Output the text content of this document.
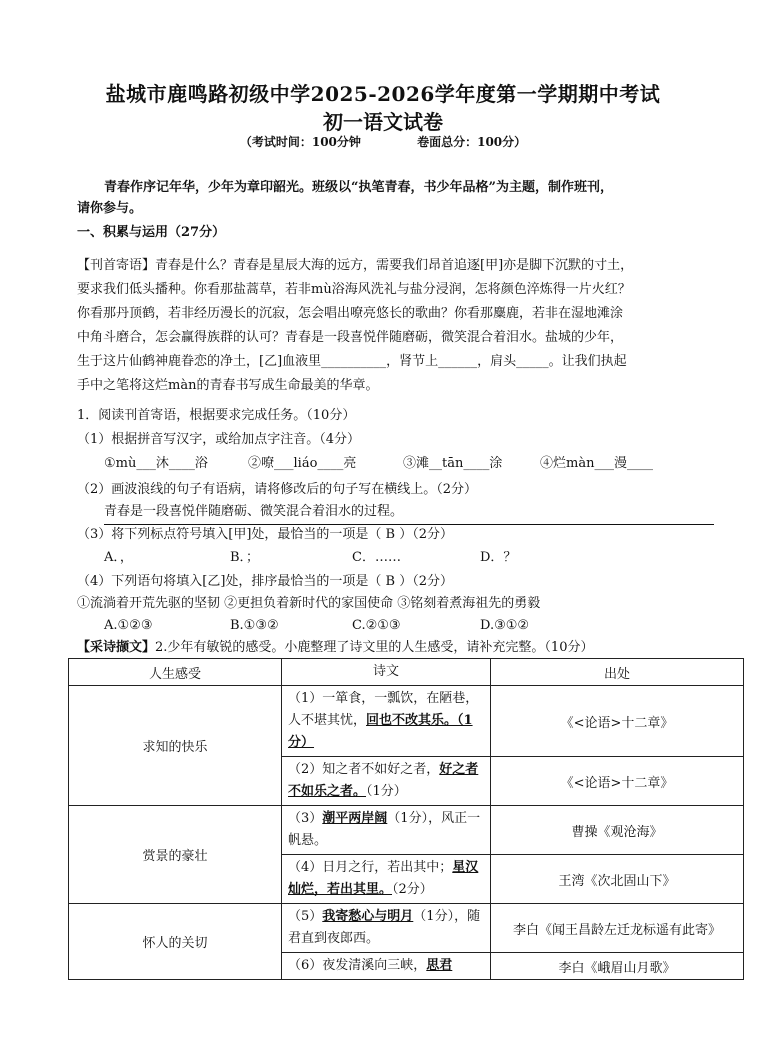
盐城市鹿鸣路初级中学2025-2026学年度第一学期期中考试
初一语文试卷
（考试时间：100分钟	卷面总分：100分）
青春作序记年华，少年为章印韶光。班级以“执笔青春，书少年品格”为主题，制作班刊，
请你参与。
一、积累与运用（27分）
【刊首寄语】青春是什么？青春是星辰大海的远方，需要我们昂首追逐[甲]亦是脚下沉默的寸土，
要求我们低头播种。你看那盐蒿草，若非mù浴海风洗礼与盐分浸润，怎将颜色淬炼得一片火红？
你看那丹顶鹤，若非经历漫长的沉寂，怎会唱出嘹亮悠长的歌曲？你看那麋鹿，若非在湿地滩涂
中角斗磨合，怎会赢得族群的认可？青春是一段喜悦伴随磨砺，微笑混合着泪水。盐城的少年，
生于这片仙鹤神鹿眷恋的净土，[乙]血液里__________，肾节上______，肩头_____。让我们执起
手中之笔将这烂màn的青春书写成生命最美的华章。
1．阅读刊首寄语，根据要求完成任务。（10分）
（1）根据拼音写汉字，或给加点字注音。（4分）
①mù___沐____浴	②嘹___liáo____亮	③滩__tān____涂	④烂màn___漫____
（2）画波浪线的句子有语病，请将修改后的句子写在横线上。（2分）
青春是一段喜悦伴随磨砺、微笑混合着泪水的过程。
（3）将下列标点符号填入[甲]处，最恰当的一项是（ B ）（2分）
A．，	B．；	C．……	D．？
（4）下列语句将填入[乙]处，排序最恰当的一项是（ B ）（2分）
①流淌着开荒先驱的坚韧 ②更担负着新时代的家国使命 ③铭刻着煮海祖先的勇毅
A.①②③	B.①③②	C.②①③	D.③①②
【采诗撷文】2.少年有敏锐的感受。小鹿整理了诗文里的人生感受，请补充完整。（10分）
人生感受	诗文	出处
求知的快乐	（1）一箪食，一瓢饮，在陋巷，人不堪其忧，回也不改其乐。（1分）	《<论语>十二章》
	（2）知之者不如好之者，好之者不如乐之者。（1分）	《<论语>十二章》
赏景的豪壮	（3）潮平两岸阔（1分），风正一帆悬。	曹操《观沧海》
	（4）日月之行，若出其中；星汉灿烂，若出其里。（2分）	王湾《次北固山下》
怀人的关切	（5）我寄愁心与明月（1分），随君直到夜郎西。	李白《闻王昌龄左迁龙标遥有此寄》
	（6）夜发清溪向三峡，思君	李白《峨眉山月歌》
